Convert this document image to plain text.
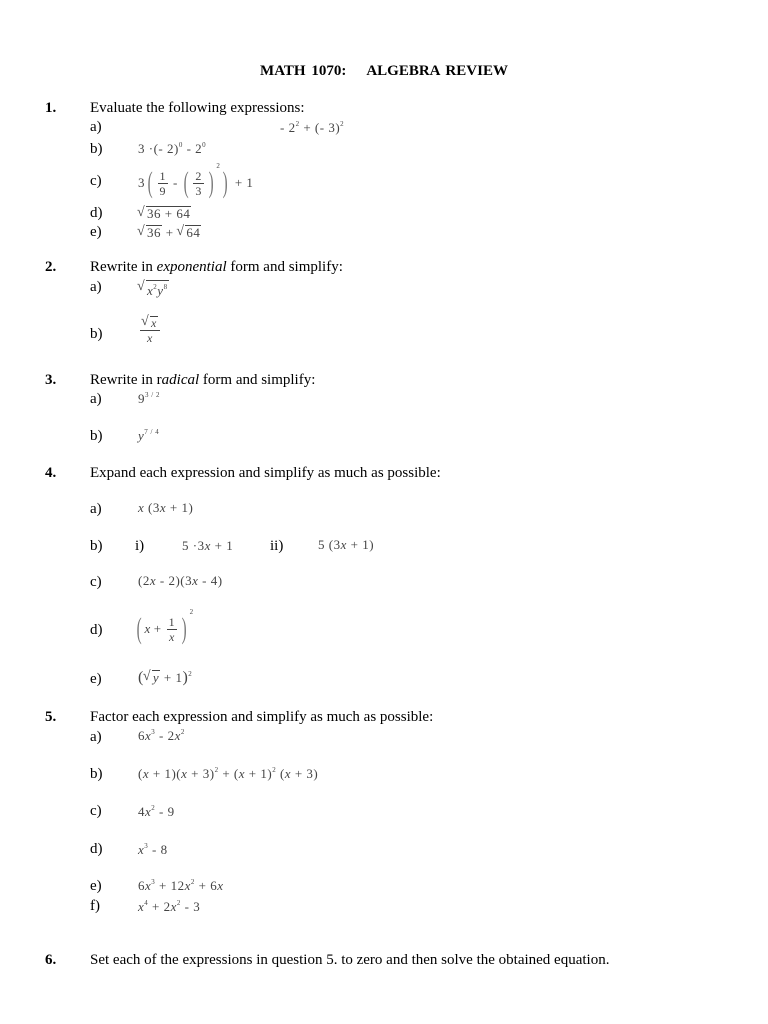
MATH 1070: ALGEBRA REVIEW
1. Evaluate the following expressions:
a)
b)
c)
d)
e)
- $2^2$ + (- 3)$^2$
3 ·(- $2)^0 - 2^0$
$3( \frac{1}{9}$ - ( $\frac{2}{3} )^2) + 1$
√ 36 + 64
√ 36 + √ 64
2. Rewrite in exponential form and simplify:
a)
b)
√ $x^2y^8$
√ $\frac{x}{x}$
3. Rewrite in radical form and simplify:
a)
b)
$9^{3 / 2}$
$y^{7 / 4}$
4. Expand each expression and simplify as much as possible:
a)
b)
c)
d)
e)
x (3x + 1)
i)	5 ·3x + 1 ii)	5 (3x + 1)
(2x - 2)(3x - 4)
( $x + \frac{1}{x} )^2$
( √ y + 1)$^2$
5. Factor each expression and simplify as much as possible:
a)
b)
c)
d)
e)
f)
$6x^3 - 2x^2$
$(x + 1)(x + 3)^2 + (x + 1)^2$ (x + 3)
$4x^2 - 9$
$x^3 - 8$
$6x^3 + 12x^2 + 6x$
$x^4 + 2x^2 - 3$
6. Set each of the expressions in question 5. to zero and then solve the obtained equation.
